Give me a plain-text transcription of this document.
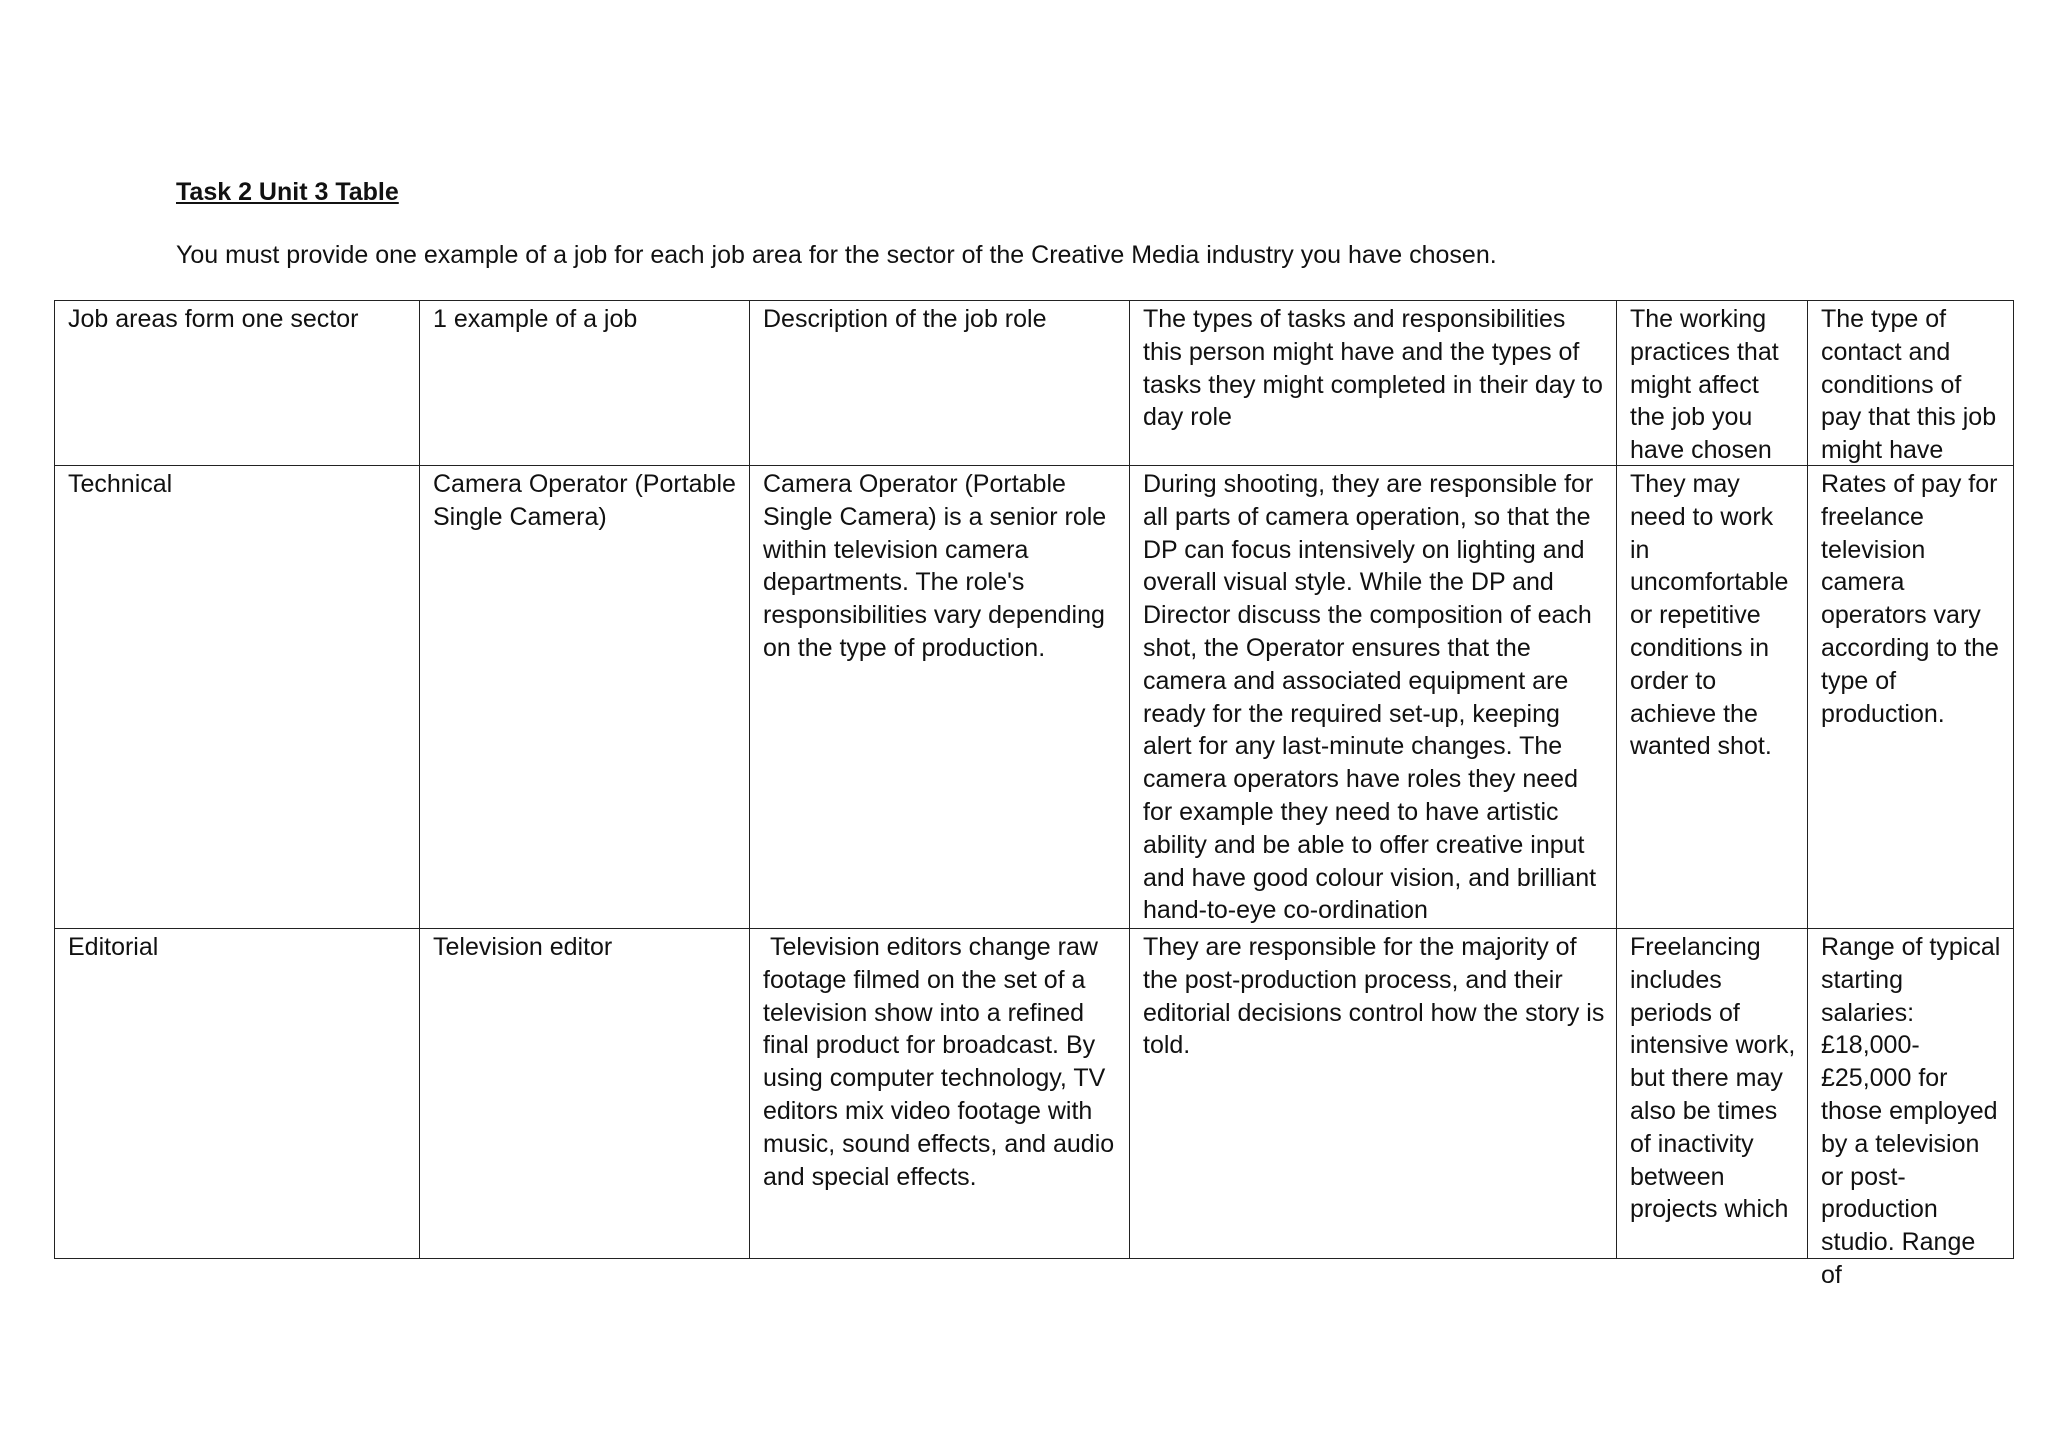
Task 2 Unit 3 Table

You must provide one example of a job for each job area for the sector of the Creative Media industry you have chosen.

Job areas form one sector	1 example of a job	Description of the job role	The types of tasks and responsibilities this person might have and the types of tasks they might completed in their day to day role	The working practices that might affect the job you have chosen	The type of contact and conditions of pay that this job might have

Technical	Camera Operator (Portable Single Camera)	Camera Operator (Portable Single Camera) is a senior role within television camera departments. The role's responsibilities vary depending on the type of production.	During shooting, they are responsible for all parts of camera operation, so that the DP can focus intensively on lighting and overall visual style. While the DP and Director discuss the composition of each shot, the Operator ensures that the camera and associated equipment are ready for the required set-up, keeping alert for any last-minute changes. The camera operators have roles they need for example they need to have artistic ability and be able to offer creative input and have good colour vision, and brilliant hand-to-eye co-ordination	They may need to work in uncomfortable or repetitive conditions in order to achieve the wanted shot.	Rates of pay for freelance television camera operators vary according to the type of production.

Editorial	Television editor	Television editors change raw footage filmed on the set of a television show into a refined final product for broadcast. By using computer technology, TV editors mix video footage with music, sound effects, and audio and special effects.	They are responsible for the majority of the post-production process, and their editorial decisions control how the story is told.	Freelancing includes periods of intensive work, but there may also be times of inactivity between projects which	Range of typical starting salaries: £18,000-£25,000 for those employed by a television or post-production studio. Range of
